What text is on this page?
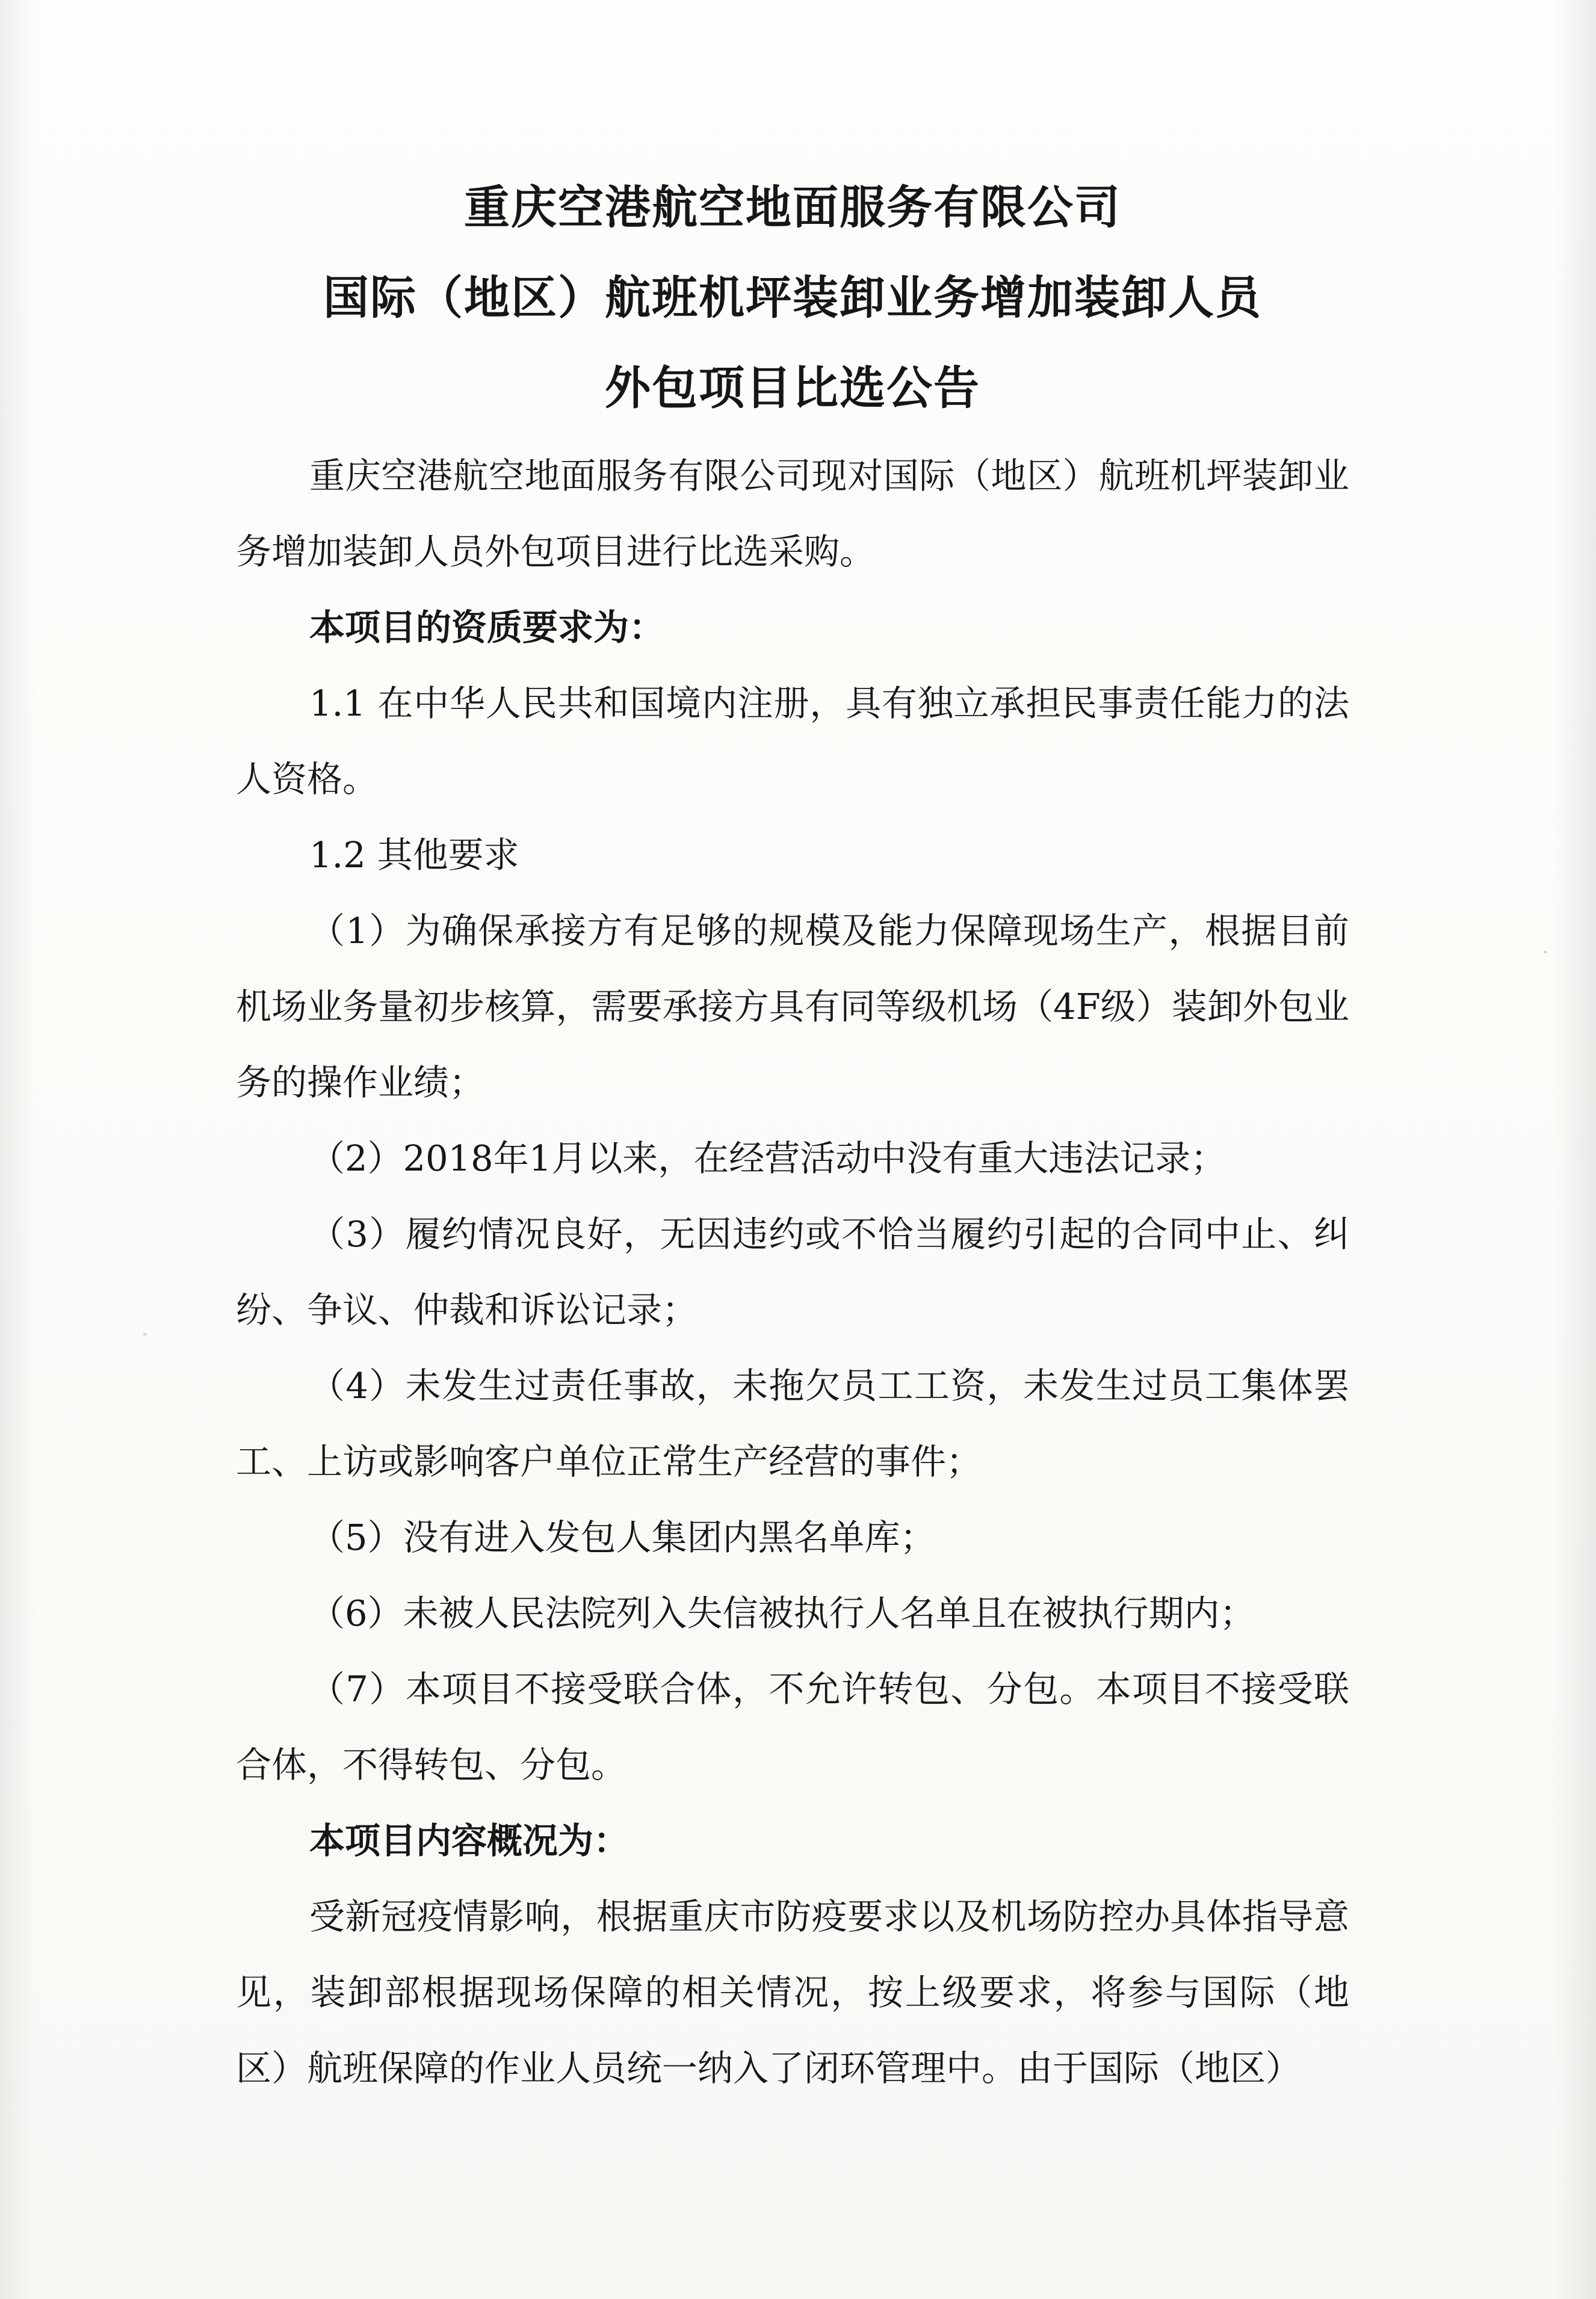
重庆空港航空地面服务有限公司

国际（地区）航班机坪装卸业务增加装卸人员

外包项目比选公告

重庆空港航空地面服务有限公司现对国际（地区）航班机坪装卸业务增加装卸人员外包项目进行比选采购。

本项目的资质要求为：

1.1 在中华人民共和国境内注册，具有独立承担民事责任能力的法人资格。

1.2 其他要求

（1）为确保承接方有足够的规模及能力保障现场生产，根据目前机场业务量初步核算，需要承接方具有同等级机场（4F级）装卸外包业务的操作业绩；

（2）2018年1月以来，在经营活动中没有重大违法记录；

（3）履约情况良好，无因违约或不恰当履约引起的合同中止、纠纷、争议、仲裁和诉讼记录；

（4）未发生过责任事故，未拖欠员工工资，未发生过员工集体罢工、上访或影响客户单位正常生产经营的事件；

（5）没有进入发包人集团内黑名单库；

（6）未被人民法院列入失信被执行人名单且在被执行期内；

（7）本项目不接受联合体，不允许转包、分包。本项目不接受联合体，不得转包、分包。

本项目内容概况为：

受新冠疫情影响，根据重庆市防疫要求以及机场防控办具体指导意见，装卸部根据现场保障的相关情况，按上级要求，将参与国际（地区）航班保障的作业人员统一纳入了闭环管理中。由于国际（地区）
